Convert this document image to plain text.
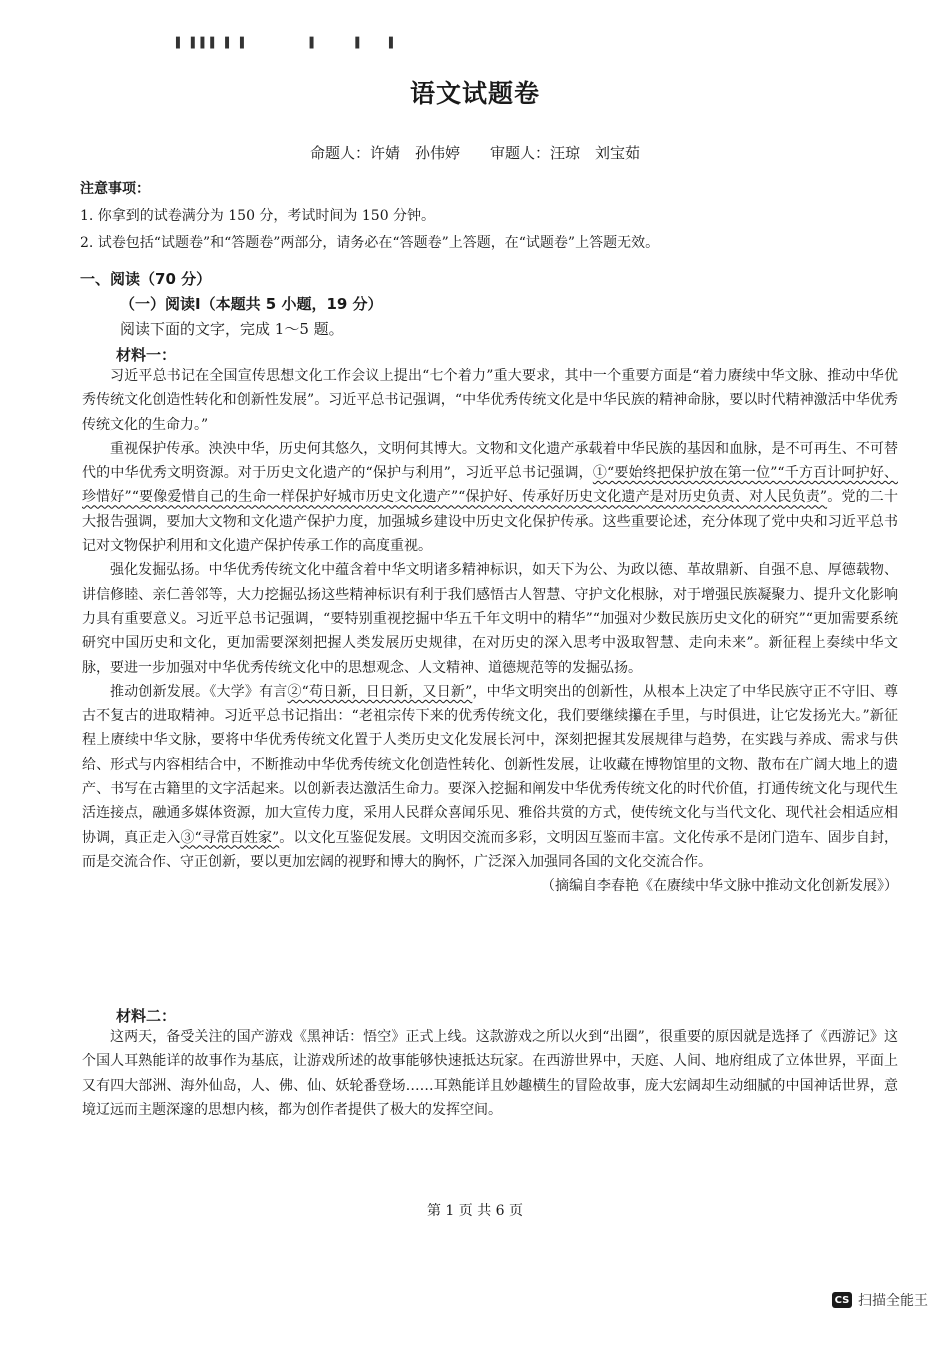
▌ ▌▌▌ ▌ ▌　　　　　▌　　　▌　　▌
语文试题卷
命题人：许婧　孙伟婷　　审题人：汪琼　刘宝茹
注意事项：
1. 你拿到的试卷满分为 150 分，考试时间为 150 分钟。
2. 试卷包括“试题卷”和“答题卷”两部分，请务必在“答题卷”上答题，在“试题卷”上答题无效。
一、阅读（70 分）
（一）阅读Ⅰ（本题共 5 小题，19 分）
阅读下面的文字，完成 1～5 题。
材料一：

习近平总书记在全国宣传思想文化工作会议上提出“七个着力”重大要求，其中一个重要方面是“着力赓续中华文脉、推动中华优秀传统文化创造性转化和创新性发展”。习近平总书记强调，“中华优秀传统文化是中华民族的精神命脉，要以时代精神激活中华优秀传统文化的生命力。”

重视保护传承。泱泱中华，历史何其悠久，文明何其博大。文物和文化遗产承载着中华民族的基因和血脉，是不可再生、不可替代的中华优秀文明资源。对于历史文化遗产的“保护与利用”，习近平总书记强调，①“要始终把保护放在第一位”“千方百计呵护好、珍惜好”“要像爱惜自己的生命一样保护好城市历史文化遗产”“保护好、传承好历史文化遗产是对历史负责、对人民负责”。党的二十大报告强调，要加大文物和文化遗产保护力度，加强城乡建设中历史文化保护传承。这些重要论述，充分体现了党中央和习近平总书记对文物保护利用和文化遗产保护传承工作的高度重视。

强化发掘弘扬。中华优秀传统文化中蕴含着中华文明诸多精神标识，如天下为公、为政以德、革故鼎新、自强不息、厚德载物、讲信修睦、亲仁善邻等，大力挖掘弘扬这些精神标识有利于我们感悟古人智慧、守护文化根脉，对于增强民族凝聚力、提升文化影响力具有重要意义。习近平总书记强调，“要特别重视挖掘中华五千年文明中的精华”“加强对少数民族历史文化的研究”“更加需要系统研究中国历史和文化，更加需要深刻把握人类发展历史规律，在对历史的深入思考中汲取智慧、走向未来”。新征程上奏续中华文脉，要进一步加强对中华优秀传统文化中的思想观念、人文精神、道德规范等的发掘弘扬。

推动创新发展。《大学》有言②“苟日新，日日新，又日新”，中华文明突出的创新性，从根本上决定了中华民族守正不守旧、尊古不复古的进取精神。习近平总书记指出：“老祖宗传下来的优秀传统文化，我们要继续攥在手里，与时俱进，让它发扬光大。”新征程上赓续中华文脉，要将中华优秀传统文化置于人类历史文化发展长河中，深刻把握其发展规律与趋势，在实践与养成、需求与供给、形式与内容相结合中，不断推动中华优秀传统文化创造性转化、创新性发展，让收藏在博物馆里的文物、散布在广阔大地上的遗产、书写在古籍里的文字活起来。以创新表达激活生命力。要深入挖掘和阐发中华优秀传统文化的时代价值，打通传统文化与现代生活连接点，融通多媒体资源，加大宣传力度，采用人民群众喜闻乐见、雅俗共赏的方式，使传统文化与当代文化、现代社会相适应相协调，真正走入③“寻常百姓家”。以文化互鉴促发展。文明因交流而多彩，文明因互鉴而丰富。文化传承不是闭门造车、固步自封，而是交流合作、守正创新，要以更加宏阔的视野和博大的胸怀，广泛深入加强同各国的文化交流合作。

（摘编自李春艳《在赓续中华文脉中推动文化创新发展》）
材料二：

这两天，备受关注的国产游戏《黑神话：悟空》正式上线。这款游戏之所以火到“出圈”，很重要的原因就是选择了《西游记》这个国人耳熟能详的故事作为基底，让游戏所述的故事能够快速抵达玩家。在西游世界中，天庭、人间、地府组成了立体世界，平面上又有四大部洲、海外仙岛，人、佛、仙、妖轮番登场……耳熟能详且妙趣横生的冒险故事，庞大宏阔却生动细腻的中国神话世界，意境辽远而主题深邃的思想内核，都为创作者提供了极大的发挥空间。

第 1 页 共 6 页
CS 扫描全能王
